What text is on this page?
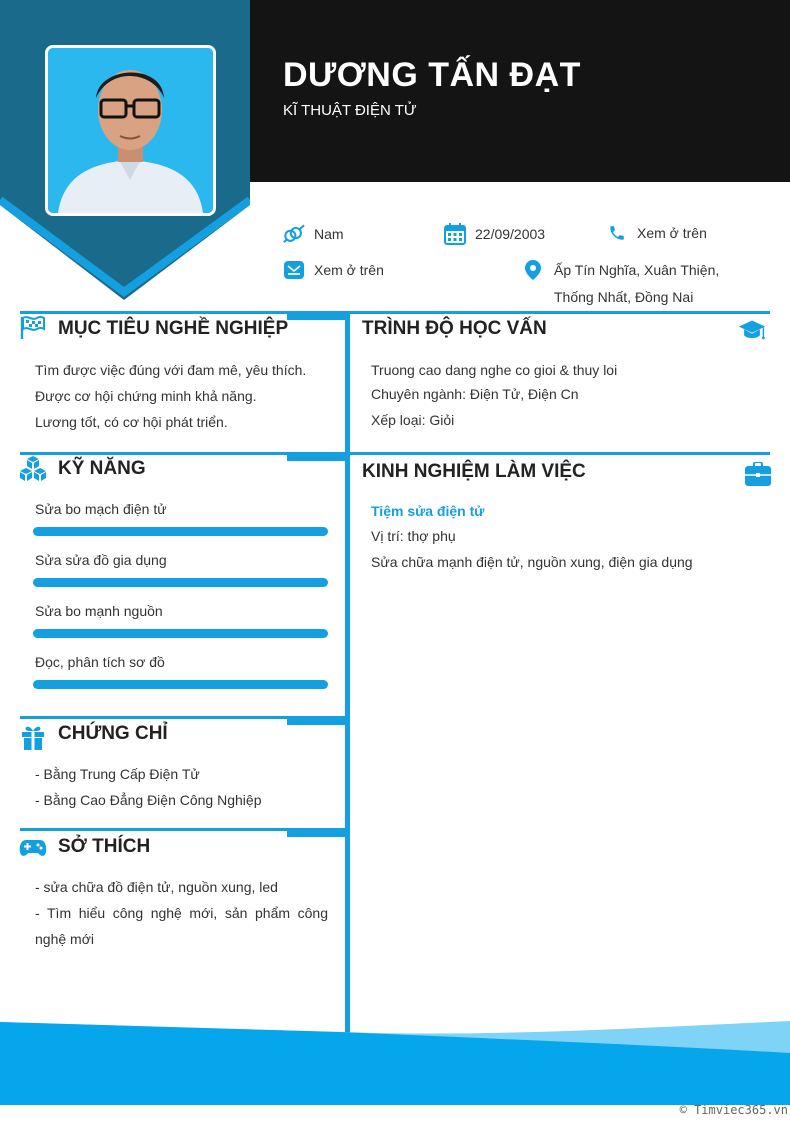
DƯƠNG TẤN ĐẠT
KĨ THUẬT ĐIỆN TỬ
Nam	22/09/2003	Xem ở trên
Xem ở trên	Ấp Tín Nghĩa, Xuân Thiện,
Thống Nhất, Đồng Nai
MỤC TIÊU NGHỀ NGHIỆP
Tìm được việc đúng với đam mê, yêu thích.
Được cơ hội chứng minh khả năng.
Lương tốt, có cơ hội phát triển.
KỸ NĂNG
Sửa bo mạch điện tử
Sửa sửa đồ gia dụng
Sửa bo mạnh nguồn
Đọc, phân tích sơ đồ
CHỨNG CHỈ
- Bằng Trung Cấp Điện Tử
- Bằng Cao Đẳng Điện Công Nghiệp
SỞ THÍCH
- sửa chữa đồ điện tử, nguồn xung, led
- Tìm hiểu công nghệ mới, sản phẩm công
nghệ mới
TRÌNH ĐỘ HỌC VẤN
Truong cao dang nghe co gioi & thuy loi
Chuyên ngành: Điện Tử, Điện Cn
Xếp loại: Giỏi
KINH NGHIỆM LÀM VIỆC
Tiệm sửa điện tử
Vị trí: thợ phụ
Sửa chữa mạnh điện tử, nguồn xung, điện gia dụng
© Timviec365.vn
